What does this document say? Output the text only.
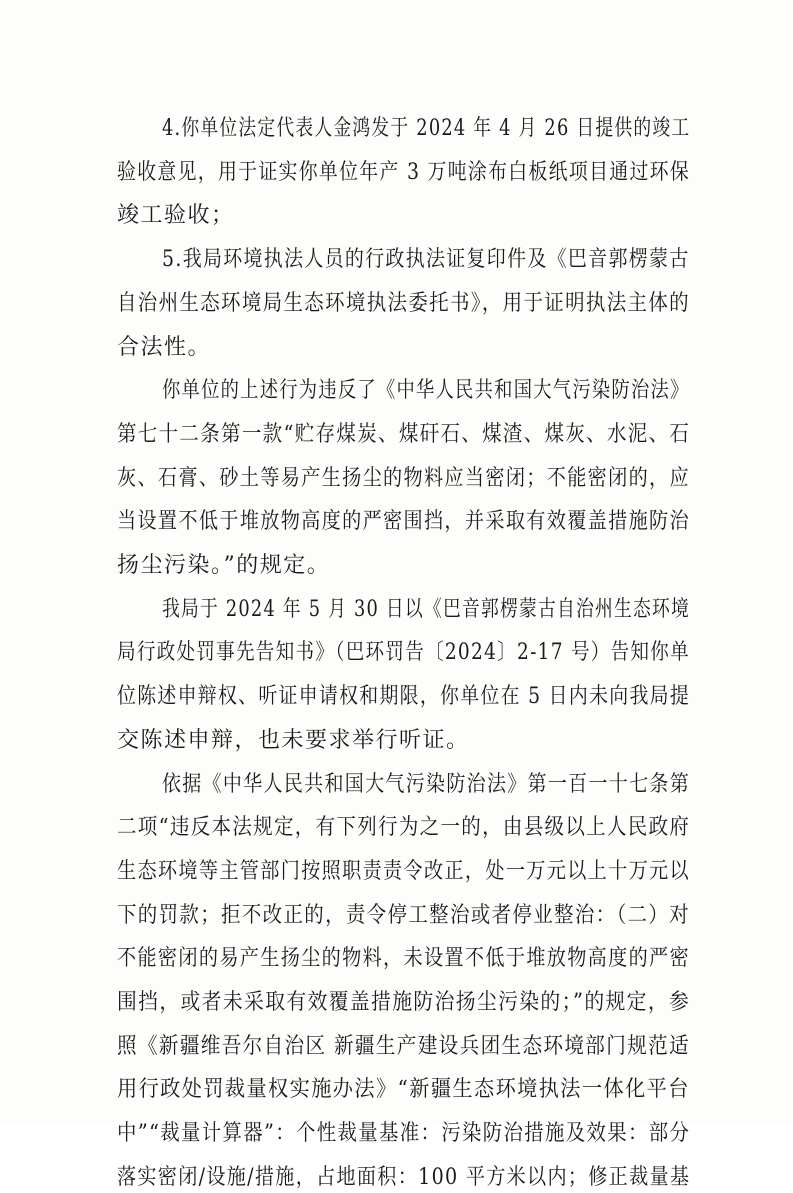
4.你单位法定代表人金鸿发于 2024 年 4 月 26 日提供的竣工
验收意见，用于证实你单位年产 3 万吨涂布白板纸项目通过环保
竣工验收；
5.我局环境执法人员的行政执法证复印件及《巴音郭楞蒙古
自治州生态环境局生态环境执法委托书》，用于证明执法主体的
合法性。
你单位的上述行为违反了《中华人民共和国大气污染防治法》
第七十二条第一款“贮存煤炭、煤矸石、煤渣、煤灰、水泥、石
灰、石膏、砂土等易产生扬尘的物料应当密闭；不能密闭的，应
当设置不低于堆放物高度的严密围挡，并采取有效覆盖措施防治
扬尘污染。”的规定。
我局于 2024 年 5 月 30 日以《巴音郭楞蒙古自治州生态环境
局行政处罚事先告知书》（巴环罚告〔2024〕2-17 号）告知你单
位陈述申辩权、听证申请权和期限，你单位在 5 日内未向我局提
交陈述申辩，也未要求举行听证。
依据《中华人民共和国大气污染防治法》第一百一十七条第
二项“违反本法规定，有下列行为之一的，由县级以上人民政府
生态环境等主管部门按照职责责令改正，处一万元以上十万元以
下的罚款；拒不改正的，责令停工整治或者停业整治：（二）对
不能密闭的易产生扬尘的物料，未设置不低于堆放物高度的严密
围挡，或者未采取有效覆盖措施防治扬尘污染的；”的规定，参
照《新疆维吾尔自治区 新疆生产建设兵团生态环境部门规范适
用行政处罚裁量权实施办法》“新疆生态环境执法一体化平台
中”“裁量计算器”：个性裁量基准：污染防治措施及效果：部分
落实密闭/设施/措施，占地面积：100 平方米以内；修正裁量基
